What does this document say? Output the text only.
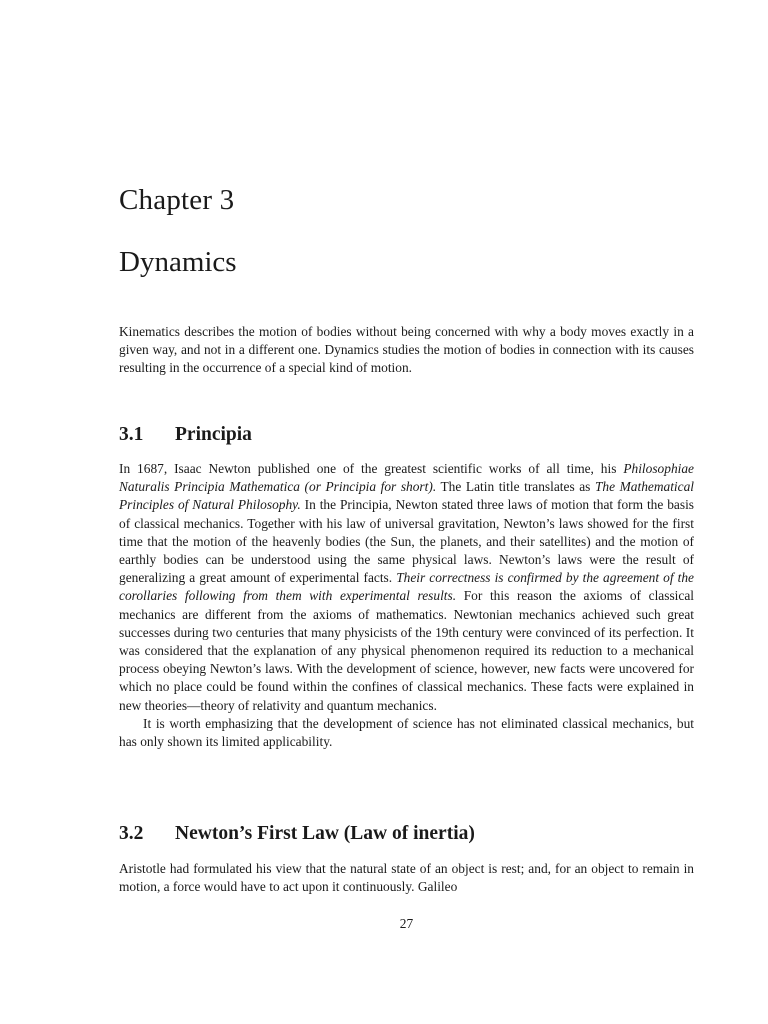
Chapter 3
Dynamics

Kinematics describes the motion of bodies without being concerned with why a body moves exactly in a given way, and not in a different one. Dynamics studies the motion of bodies in connection with its causes resulting in the occurrence of a special kind of motion.

3.1 Principia

In 1687, Isaac Newton published one of the greatest scientific works of all time, his Philosophiae Naturalis Principia Mathematica (or Principia for short). The Latin title translates as The Mathematical Principles of Natural Philosophy. In the Principia, Newton stated three laws of motion that form the basis of classical mechanics. Together with his law of universal gravitation, Newton’s laws showed for the first time that the motion of the heavenly bodies (the Sun, the planets, and their satellites) and the motion of earthly bodies can be understood using the same physical laws. Newton’s laws were the result of generalizing a great amount of experimental facts. Their correctness is confirmed by the agreement of the corollaries following from them with experimental results. For this reason the axioms of classical mechanics are different from the axioms of mathematics. Newtonian mechanics achieved such great successes during two centuries that many physicists of the 19th century were convinced of its perfection. It was considered that the explanation of any physical phenomenon required its reduction to a mechanical process obeying Newton’s laws. With the development of science, however, new facts were uncovered for which no place could be found within the confines of classical mechanics. These facts were explained in new theories—theory of relativity and quantum mechanics.

It is worth emphasizing that the development of science has not eliminated classical mechanics, but has only shown its limited applicability.

3.2 Newton’s First Law (Law of inertia)

Aristotle had formulated his view that the natural state of an object is rest; and, for an object to remain in motion, a force would have to act upon it continuously. Galileo

27
